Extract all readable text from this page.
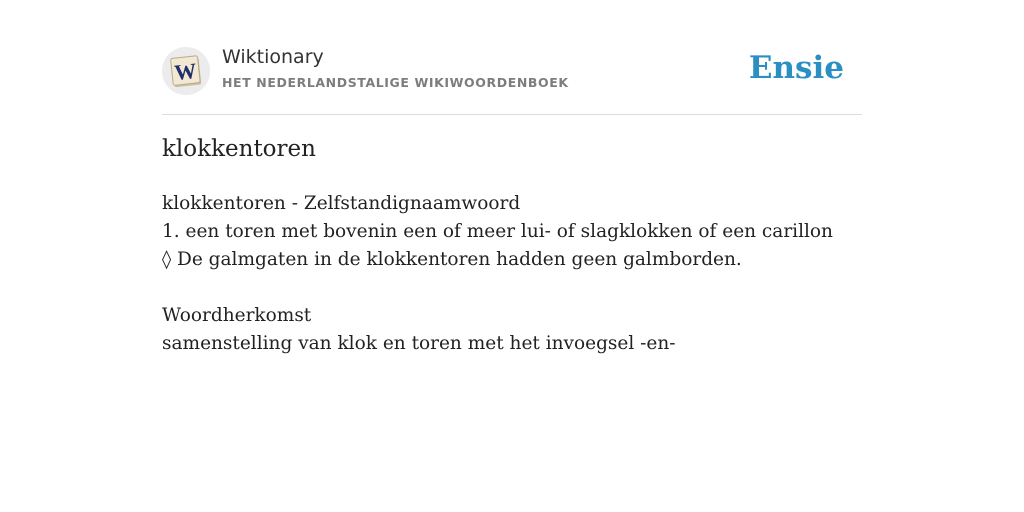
W
Wiktionary
HET NEDERLANDSTALIGE WIKIWOORDENBOEK	Ensie
klokkentoren
klokkentoren - Zelfstandignaamwoord
1. een toren met bovenin een of meer lui- of slagklokken of een carillon
◊ De galmgaten in de klokkentoren hadden geen galmborden.
Woordherkomst
samenstelling van klok en toren met het invoegsel -en-
